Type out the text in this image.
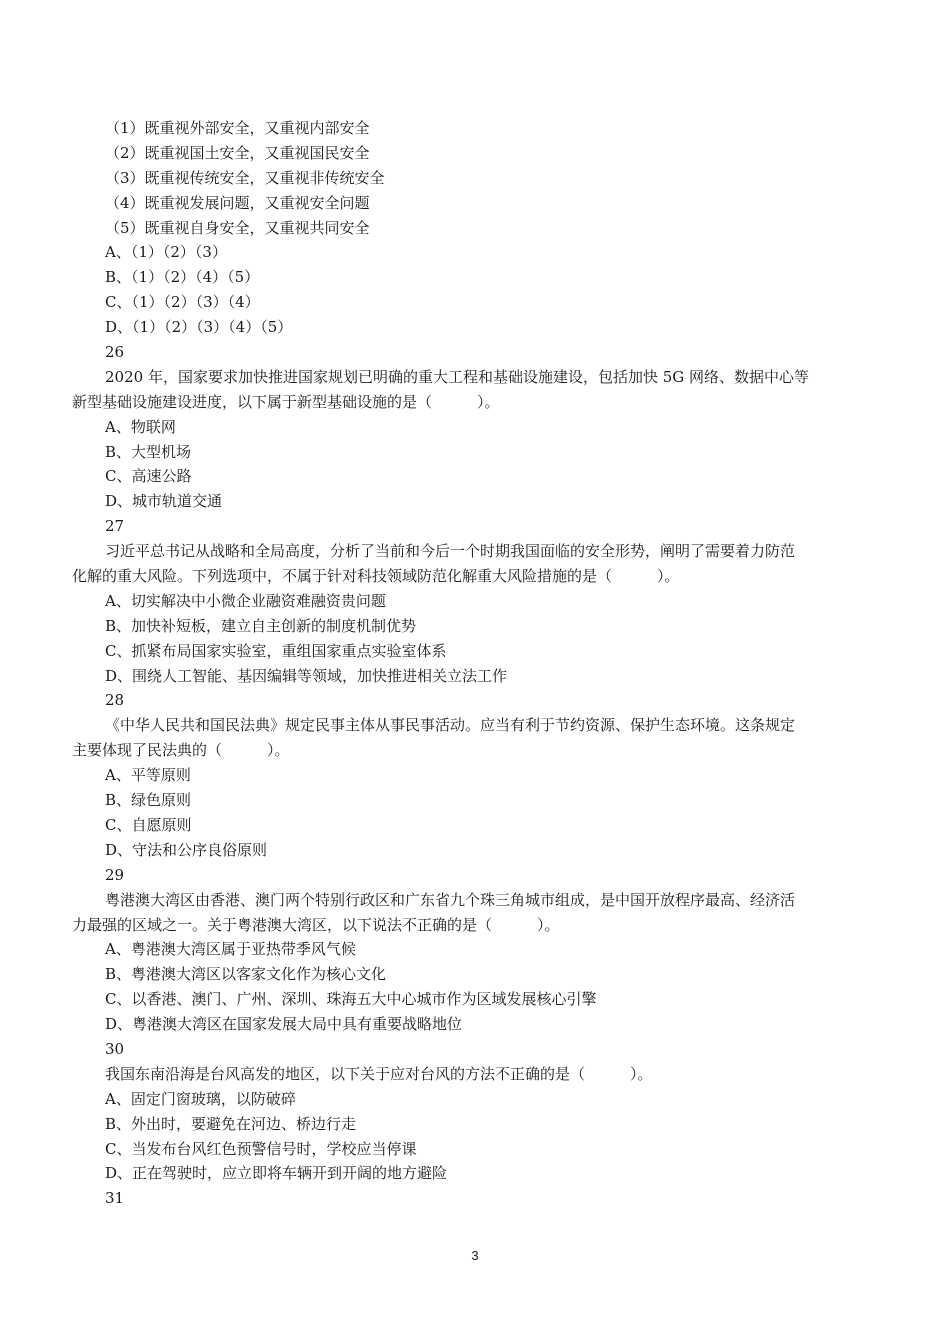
（1）既重视外部安全，又重视内部安全
（2）既重视国土安全，又重视国民安全
（3）既重视传统安全，又重视非传统安全
（4）既重视发展问题，又重视安全问题
（5）既重视自身安全，又重视共同安全
A、（1）（2）（3）
B、（1）（2）（4）（5）
C、（1）（2）（3）（4）
D、（1）（2）（3）（4）（5）
26
2020 年，国家要求加快推进国家规划已明确的重大工程和基础设施建设，包括加快 5G 网络、数据中心等
新型基础设施建设进度，以下属于新型基础设施的是（　　　）。
A、物联网
B、大型机场
C、高速公路
D、城市轨道交通
27
习近平总书记从战略和全局高度，分析了当前和今后一个时期我国面临的安全形势，阐明了需要着力防范
化解的重大风险。下列选项中，不属于针对科技领域防范化解重大风险措施的是（　　　）。
A、切实解决中小微企业融资难融资贵问题
B、加快补短板，建立自主创新的制度机制优势
C、抓紧布局国家实验室，重组国家重点实验室体系
D、围绕人工智能、基因编辑等领域，加快推进相关立法工作
28
《中华人民共和国民法典》规定民事主体从事民事活动。应当有利于节约资源、保护生态环境。这条规定
主要体现了民法典的（　　　）。
A、平等原则
B、绿色原则
C、自愿原则
D、守法和公序良俗原则
29
粤港澳大湾区由香港、澳门两个特别行政区和广东省九个珠三角城市组成，是中国开放程序最高、经济活
力最强的区域之一。关于粤港澳大湾区，以下说法不正确的是（　　　）。
A、粤港澳大湾区属于亚热带季风气候
B、粤港澳大湾区以客家文化作为核心文化
C、以香港、澳门、广州、深圳、珠海五大中心城市作为区域发展核心引擎
D、粤港澳大湾区在国家发展大局中具有重要战略地位
30
我国东南沿海是台风高发的地区，以下关于应对台风的方法不正确的是（　　　）。
A、固定门窗玻璃，以防破碎
B、外出时，要避免在河边、桥边行走
C、当发布台风红色预警信号时，学校应当停课
D、正在驾驶时，应立即将车辆开到开阔的地方避险
31
3
